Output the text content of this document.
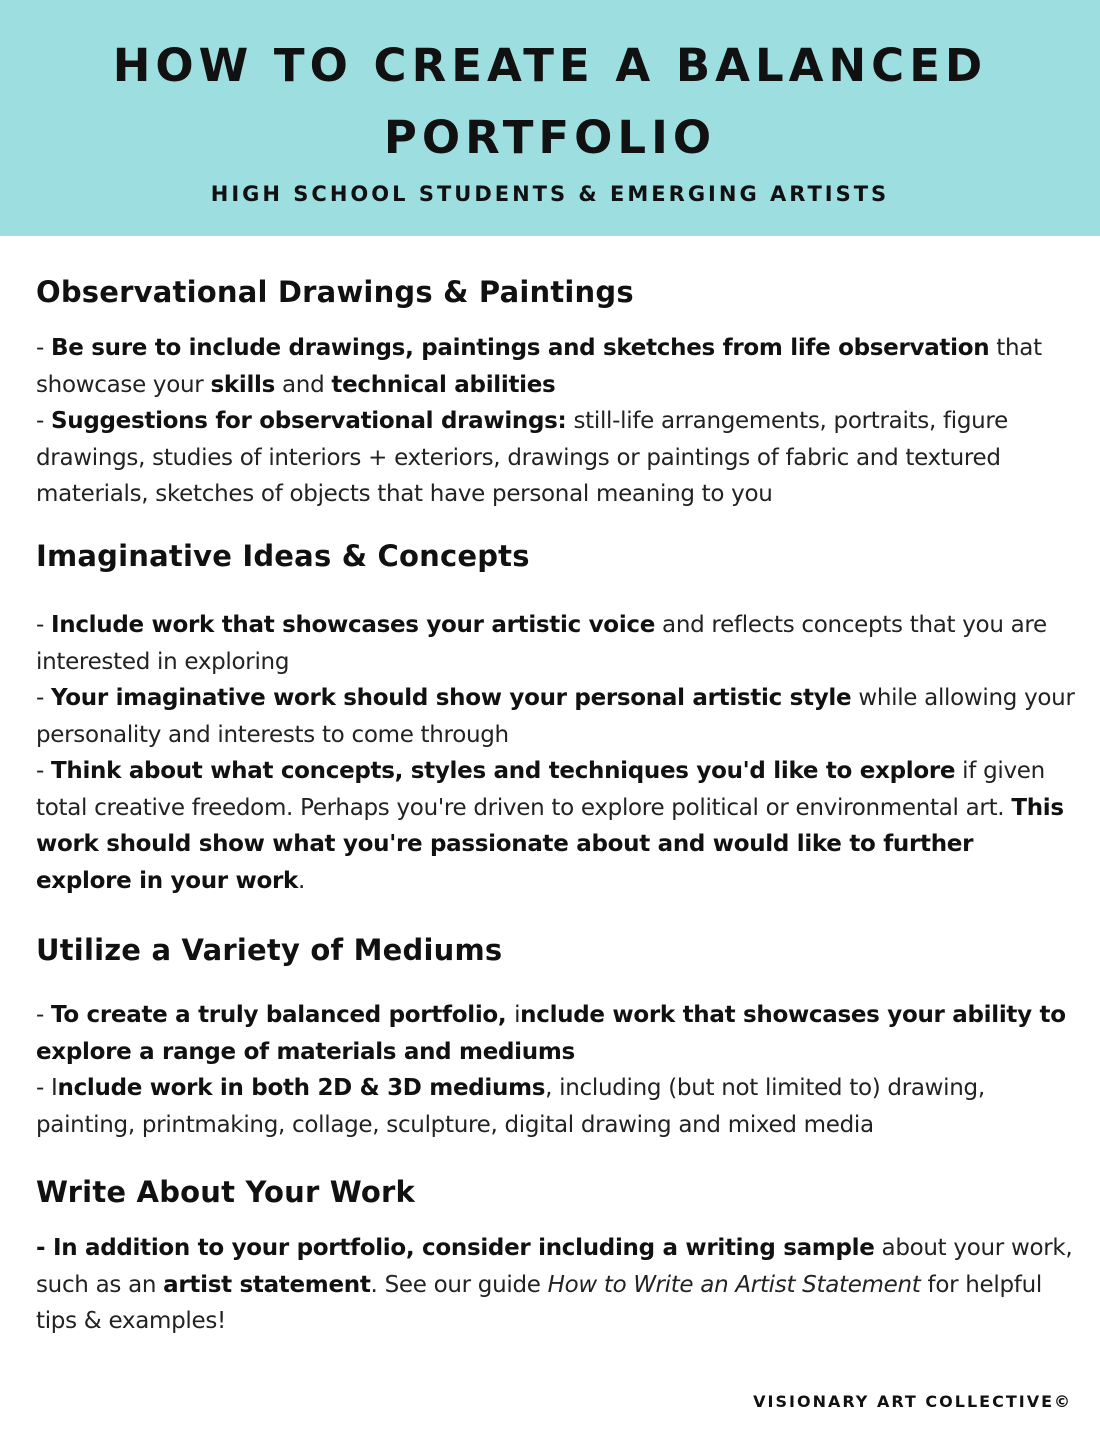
HOW TO CREATE A BALANCED
PORTFOLIO

HIGH SCHOOL STUDENTS & EMERGING ARTISTS

Observational Drawings & Paintings

- Be sure to include drawings, paintings and sketches from life observation that showcase your skills and technical abilities

- Suggestions for observational drawings: still-life arrangements, portraits, figure drawings, studies of interiors + exteriors, drawings or paintings of fabric and textured materials, sketches of objects that have personal meaning to you

Imaginative Ideas & Concepts

- Include work that showcases your artistic voice and reflects concepts that you are interested in exploring

- Your imaginative work should show your personal artistic style while allowing your personality and interests to come through

- Think about what concepts, styles and techniques you'd like to explore if given total creative freedom. Perhaps you're driven to explore political or environmental art. This work should show what you're passionate about and would like to further explore in your work.

Utilize a Variety of Mediums

- To create a truly balanced portfolio, include work that showcases your ability to explore a range of materials and mediums

- Include work in both 2D & 3D mediums, including (but not limited to) drawing, painting, printmaking, collage, sculpture, digital drawing and mixed media

Write About Your Work

- In addition to your portfolio, consider including a writing sample about your work, such as an artist statement. See our guide How to Write an Artist Statement for helpful tips & examples!

VISIONARY ART COLLECTIVE©
